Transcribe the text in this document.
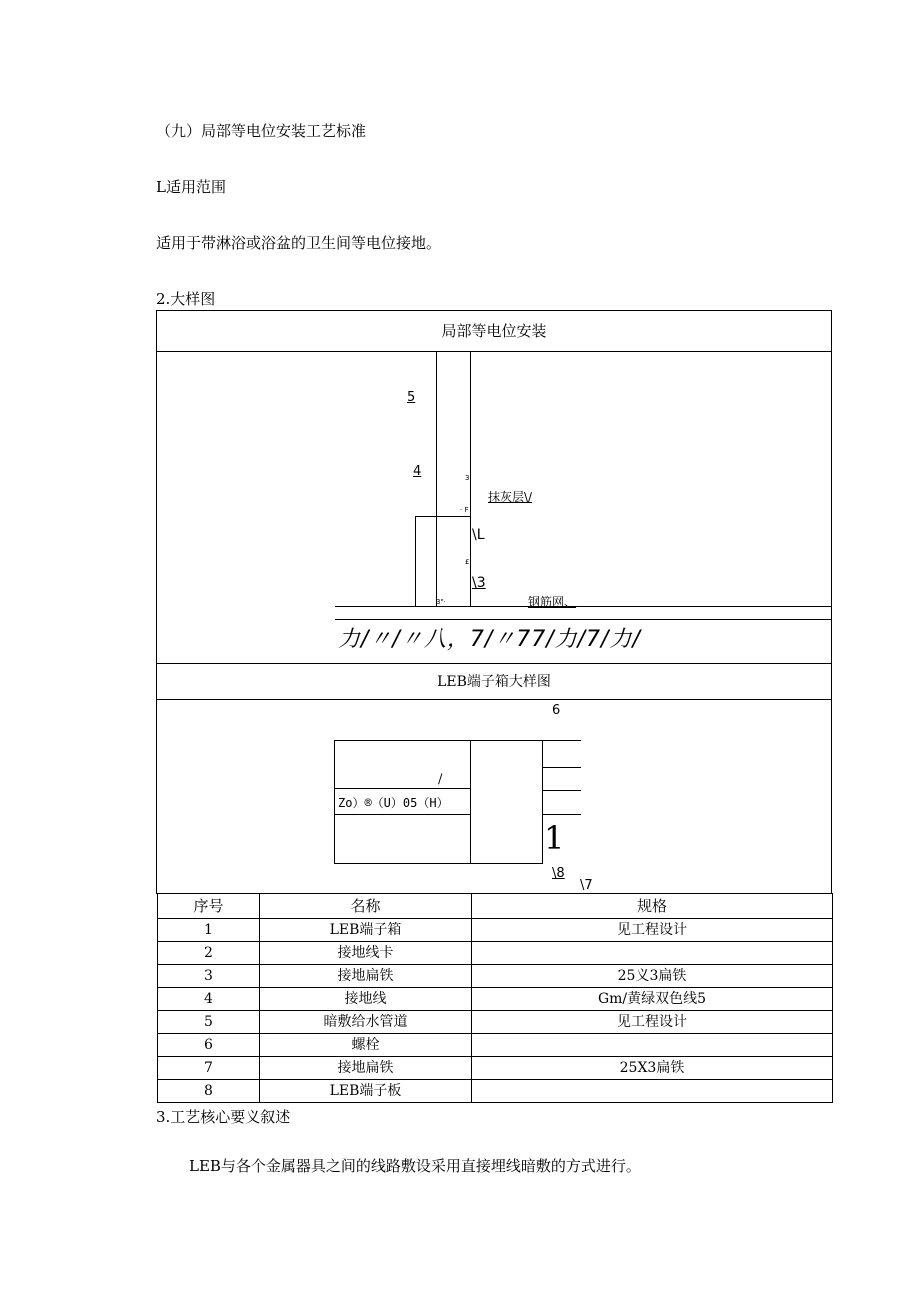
（九）局部等电位安装工艺标准
L适用范围
适用于带淋浴或浴盆的卫生间等电位接地。
2.大样图
局部等电位安装
5
4	3
· F
抹灰层\∕
\L
£
\3
3"·	钢筋网、
力/〃/〃八，7/〃77/力/7/力/
LEB端子箱大样图
6
/
Zo）®（U）05（H）
1
\8
\7
序号	名称	规格
1	LEB端子箱	见工程设计
2	接地线卡	
3	接地扁铁	25义3扁铁
4	接地线	Gm/黄绿双色线5
5	暗敷给水管道	见工程设计
6	螺栓	
7	接地扁铁	25X3扁铁
8	LEB端子板	
3.工艺核心要义叙述
LEB与各个金属器具之间的线路敷设采用直接埋线暗敷的方式进行。
